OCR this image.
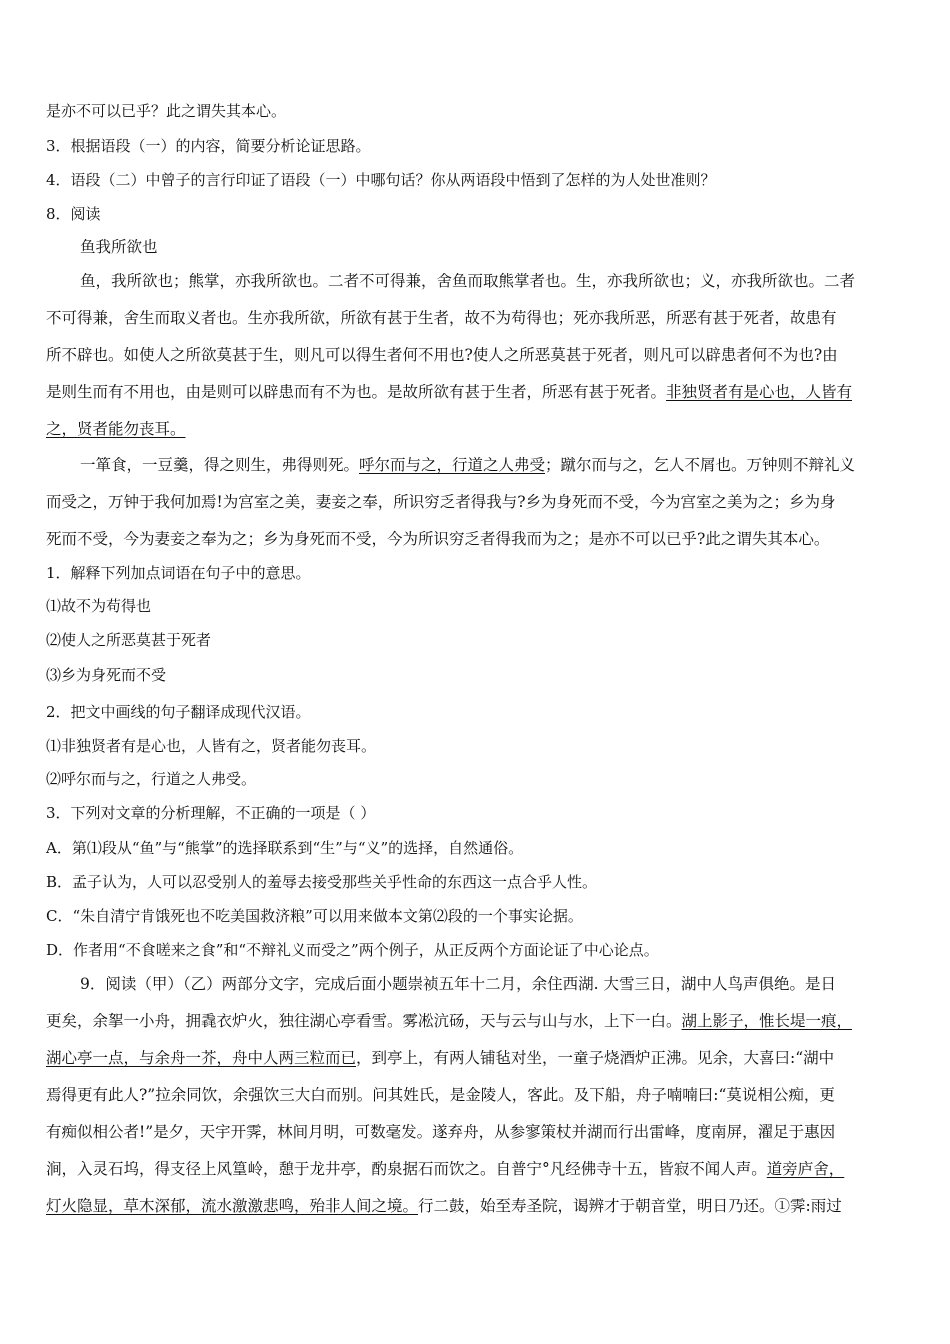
是亦不可以已乎？此之谓失其本心。
3．根据语段（一）的内容，简要分析论证思路。
4．语段（二）中曾子的言行印证了语段（一）中哪句话？你从两语段中悟到了怎样的为人处世准则？
8．阅读
鱼我所欲也
鱼，我所欲也；熊掌，亦我所欲也。二者不可得兼，舍鱼而取熊掌者也。生，亦我所欲也；义，亦我所欲也。二者
不可得兼，舍生而取义者也。生亦我所欲，所欲有甚于生者，故不为苟得也；死亦我所恶，所恶有甚于死者，故患有
所不辟也。如使人之所欲莫甚于生，则凡可以得生者何不用也?使人之所恶莫甚于死者，则凡可以辟患者何不为也?由
是则生而有不用也，由是则可以辟患而有不为也。是故所欲有甚于生者，所恶有甚于死者。非独贤者有是心也，人皆有
之，贤者能勿丧耳。
一箪食，一豆羹，得之则生，弗得则死。呼尔而与之，行道之人弗受；蹴尔而与之，乞人不屑也。万钟则不辩礼义
而受之，万钟于我何加焉!为宫室之美，妻妾之奉，所识穷乏者得我与?乡为身死而不受，今为宫室之美为之；乡为身
死而不受，今为妻妾之奉为之；乡为身死而不受，今为所识穷乏者得我而为之；是亦不可以已乎?此之谓失其本心。
1．解释下列加点词语在句子中的意思。
⑴故不为苟得也
⑵使人之所恶莫甚于死者
⑶乡为身死而不受
2．把文中画线的句子翻译成现代汉语。
⑴非独贤者有是心也，人皆有之，贤者能勿丧耳。
⑵呼尔而与之，行道之人弗受。
3．下列对文章的分析理解，不正确的一项是（ ）
A．第⑴段从“鱼”与“熊掌”的选择联系到“生”与“义”的选择，自然通俗。
B．孟子认为，人可以忍受别人的羞辱去接受那些关乎性命的东西这一点合乎人性。
C．“朱自清宁肯饿死也不吃美国救济粮”可以用来做本文第⑵段的一个事实论据。
D．作者用“不食嗟来之食”和“不辩礼义而受之”两个例子，从正反两个方面论证了中心论点。
9．阅读（甲）（乙）两部分文字，完成后面小题崇祯五年十二月，余住西湖. 大雪三日，湖中人鸟声俱绝。是日
更矣，余挐一小舟，拥毳衣炉火，独往湖心亭看雪。雾凇沆砀，天与云与山与水，上下一白。湖上影子，惟长堤一痕，
湖心亭一点，与余舟一芥，舟中人两三粒而已，到亭上，有两人铺毡对坐，一童子烧酒炉正沸。见余，大喜曰:“湖中
焉得更有此人?”拉余同饮，余强饮三大白而别。问其姓氏，是金陵人，客此。及下船，舟子喃喃曰:“莫说相公痴，更
有痴似相公者!”是夕，天宇开霁，林间月明，可数毫发。遂弃舟，从参寥策杖并湖而行出雷峰，度南屏，濯足于惠因
涧，入灵石坞，得支径上风篁岭，憩于龙井亭，酌泉据石而饮之。自普宁°凡经佛寺十五，皆寂不闻人声。道旁庐舍，
灯火隐显，草木深郁，流水激激悲鸣，殆非人间之境。行二鼓，始至寿圣院，谒辨才于朝音堂，明日乃还。①霁:雨过
